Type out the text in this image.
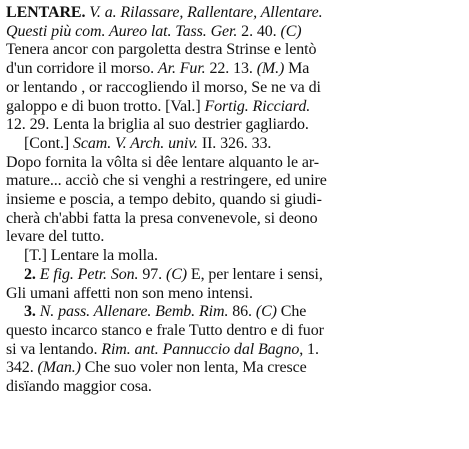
LENTARE. V. a. Rilassare, Rallentare, Allentare.
Questi più com. Aureo lat. Tass. Ger. 2. 40. (C)
Tenera ancor con pargoletta destra Strinse e lentò
d'un corridore il morso. Ar. Fur. 22. 13. (M.) Ma
or lentando , or raccogliendo il morso, Se ne va di
galoppo e di buon trotto. [Val.] Fortig. Ricciard.
12. 29. Lenta la briglia al suo destrier gagliardo.
[Cont.] Scam. V. Arch. univ. II. 326. 33.
Dopo fornita la vôlta si dêe lentare alquanto le ar-
mature... acciò che si venghi a restringere, ed unire
insieme e poscia, a tempo debito, quando si giudi-
cherà ch'abbi fatta la presa convenevole, si deono
levare del tutto.
[T.] Lentare la molla.
2. E fig. Petr. Son. 97. (C) E, per lentare i sensi,
Gli umani affetti non son meno intensi.
3. N. pass. Allenare. Bemb. Rim. 86. (C) Che
questo incarco stanco e frale Tutto dentro e di fuor
si va lentando. Rim. ant. Pannuccio dal Bagno, 1.
342. (Man.) Che suo voler non lenta, Ma cresce
disïando maggior cosa.
